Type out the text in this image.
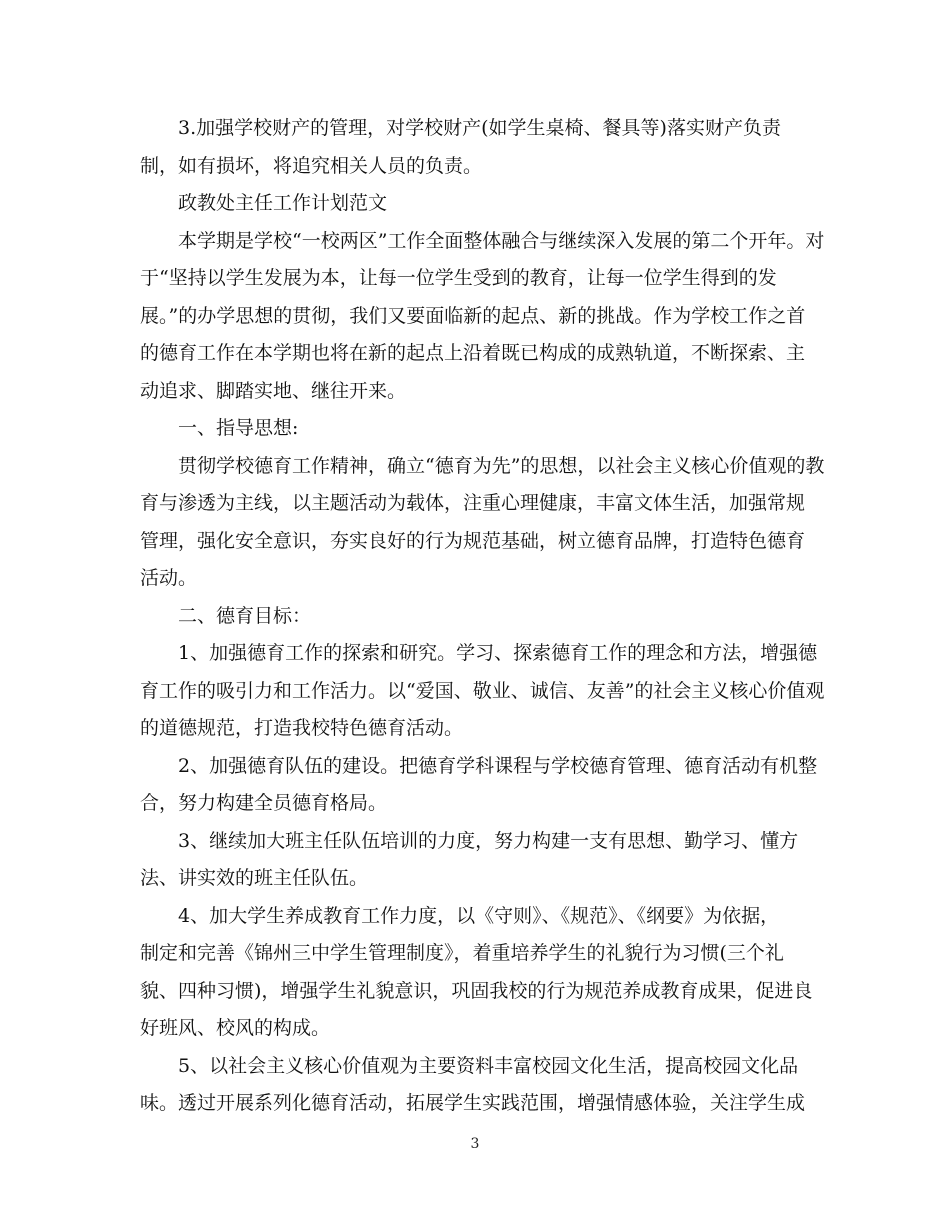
3.加强学校财产的管理，对学校财产(如学生桌椅、餐具等)落实财产负责
制，如有损坏，将追究相关人员的负责。
政教处主任工作计划范文
本学期是学校“一校两区”工作全面整体融合与继续深入发展的第二个开年。对
于“坚持以学生发展为本，让每一位学生受到的教育，让每一位学生得到的发
展。”的办学思想的贯彻，我们又要面临新的起点、新的挑战。作为学校工作之首
的德育工作在本学期也将在新的起点上沿着既已构成的成熟轨道，不断探索、主
动追求、脚踏实地、继往开来。
一、指导思想:
贯彻学校德育工作精神，确立“德育为先”的思想，以社会主义核心价值观的教
育与渗透为主线，以主题活动为载体，注重心理健康，丰富文体生活，加强常规
管理，强化安全意识，夯实良好的行为规范基础，树立德育品牌，打造特色德育
活动。
二、德育目标：
1、加强德育工作的探索和研究。学习、探索德育工作的理念和方法，增强德
育工作的吸引力和工作活力。以“爱国、敬业、诚信、友善”的社会主义核心价值观
的道德规范，打造我校特色德育活动。
2、加强德育队伍的建设。把德育学科课程与学校德育管理、德育活动有机整
合，努力构建全员德育格局。
3、继续加大班主任队伍培训的力度，努力构建一支有思想、勤学习、懂方
法、讲实效的班主任队伍。
4、加大学生养成教育工作力度，以《守则》、《规范》、《纲要》为依据，
制定和完善《锦州三中学生管理制度》，着重培养学生的礼貌行为习惯(三个礼
貌、四种习惯)，增强学生礼貌意识，巩固我校的行为规范养成教育成果，促进良
好班风、校风的构成。
5、以社会主义核心价值观为主要资料丰富校园文化生活，提高校园文化品
味。透过开展系列化德育活动，拓展学生实践范围，增强情感体验，关注学生成
3
